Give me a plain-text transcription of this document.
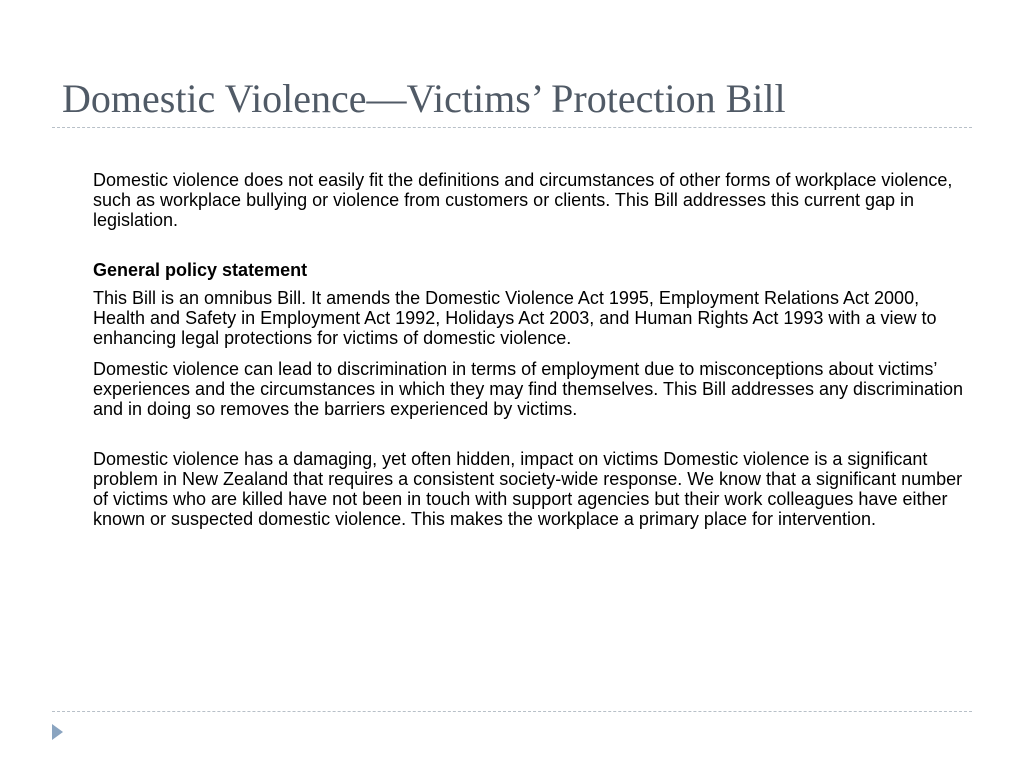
Domestic Violence—Victims’ Protection Bill

Domestic violence does not easily fit the definitions and circumstances of other forms of workplace violence, such as workplace bullying or violence from customers or clients. This Bill addresses this current gap in legislation.

General policy statement

This Bill is an omnibus Bill. It amends the Domestic Violence Act 1995, Employment Relations Act 2000, Health and Safety in Employment Act 1992, Holidays Act 2003, and Human Rights Act 1993 with a view to enhancing legal protections for victims of domestic violence.

Domestic violence can lead to discrimination in terms of employment due to misconceptions about victims’ experiences and the circumstances in which they may find themselves. This Bill addresses any discrimination and in doing so removes the barriers experienced by victims.

Domestic violence has a damaging, yet often hidden, impact on victims Domestic violence is a significant problem in New Zealand that requires a consistent society-wide response. We know that a significant number of victims who are killed have not been in touch with support agencies but their work colleagues have either known or suspected domestic violence. This makes the workplace a primary place for intervention.
